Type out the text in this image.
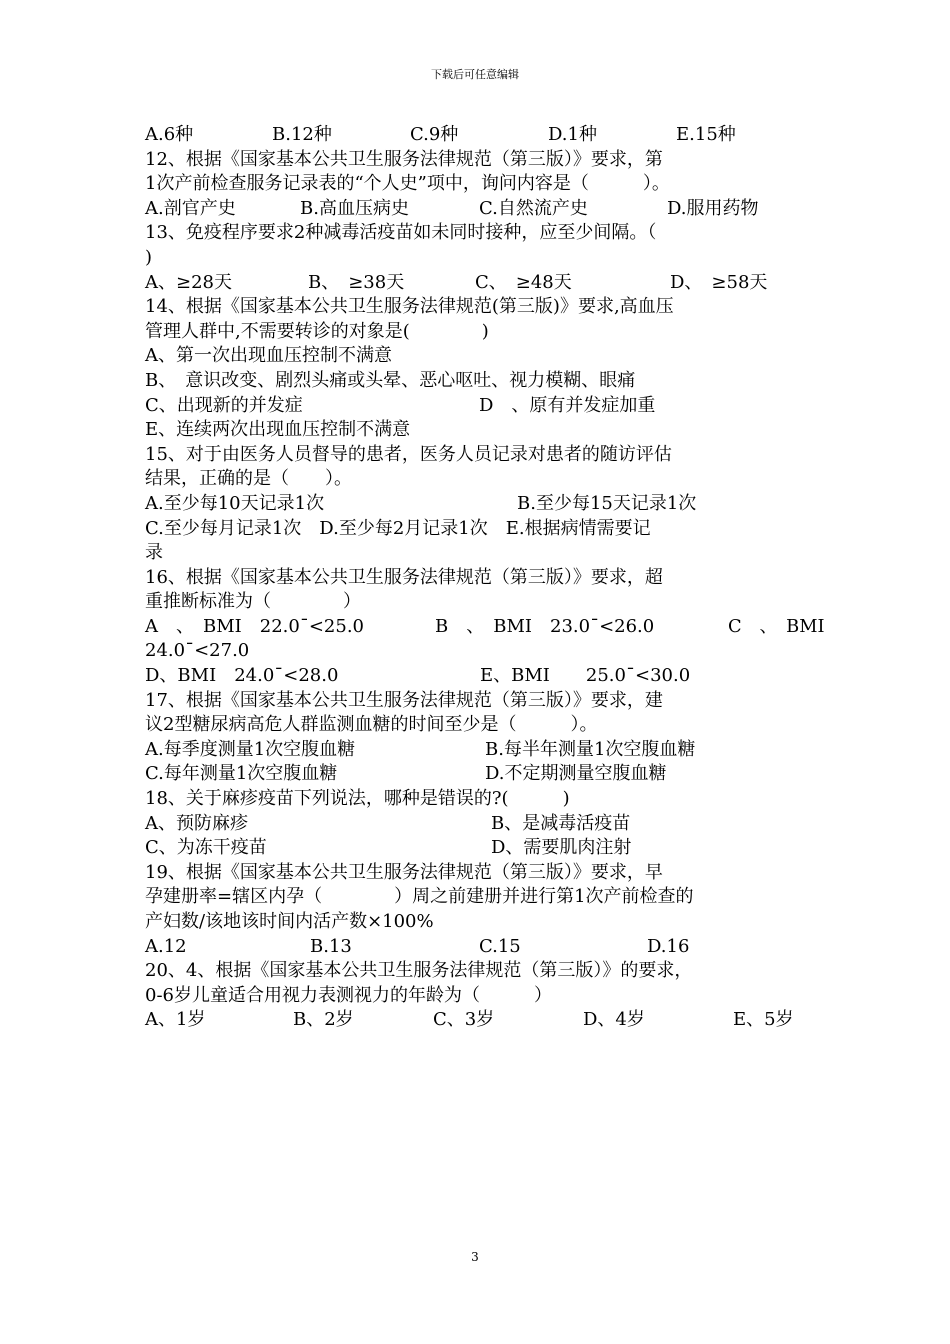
下载后可任意编辑
A.6种	B.12种	C.9种	D.1种	E.15种
12、根据《国家基本公共卫生服务法律规范（第三版）》要求，第
1次产前检查服务记录表的“个人史”项中，询问内容是（　　　）。
A.剖官产史	B.高血压病史	C.自然流产史	D.服用药物
13、免疫程序要求2种减毒活疫苗如未同时接种，应至少间隔。（
)
A、≥28天	B、　≥38天	C、　≥48天	D、　≥58天
14、根据《国家基本公共卫生服务法律规范(第三版)》要求,高血压
管理人群中,不需要转诊的对象是(　　　　)
A、第一次出现血压控制不满意
B、　意识改变、剧烈头痛或头晕、恶心呕吐、视力模糊、眼痛
C、出现新的并发症	D　、原有并发症加重
E、连续两次出现血压控制不满意
15、对于由医务人员督导的患者，医务人员记录对患者的随访评估
结果，正确的是（　　）。
A.至少每10天记录1次	B.至少每15天记录1次
C.至少每月记录1次　D.至少每2月记录1次　E.根据病情需要记
录
16、根据《国家基本公共卫生服务法律规范（第三版）》要求，超
重推断标准为（　　　　）
A　、　BMI　22.0¯<25.0	B　、　BMI　23.0¯<26.0	C　、　BMI
24.0¯<27.0
D、BMI　24.0¯<28.0	E、BMI　　25.0¯<30.0
17、根据《国家基本公共卫生服务法律规范（第三版）》要求，建
议2型糖尿病高危人群监测血糖的时间至少是（　　　）。
A.每季度测量1次空腹血糖	B.每半年测量1次空腹血糖
C.每年测量1次空腹血糖	D.不定期测量空腹血糖
18、关于麻疹疫苗下列说法，哪种是错误的?(　　　)
A、预防麻疹	B、是减毒活疫苗
C、为冻干疫苗	D、需要肌肉注射
19、根据《国家基本公共卫生服务法律规范（第三版）》要求，早
孕建册率=辖区内孕（　　　　）周之前建册并进行第1次产前检查的
产妇数/该地该时间内活产数×100%
A.12	B.13	C.15	D.16
20、4、根据《国家基本公共卫生服务法律规范（第三版）》的要求，
0-6岁儿童适合用视力表测视力的年龄为（　　　）
A、1岁	B、2岁	C、3岁	D、4岁	E、5岁
3
